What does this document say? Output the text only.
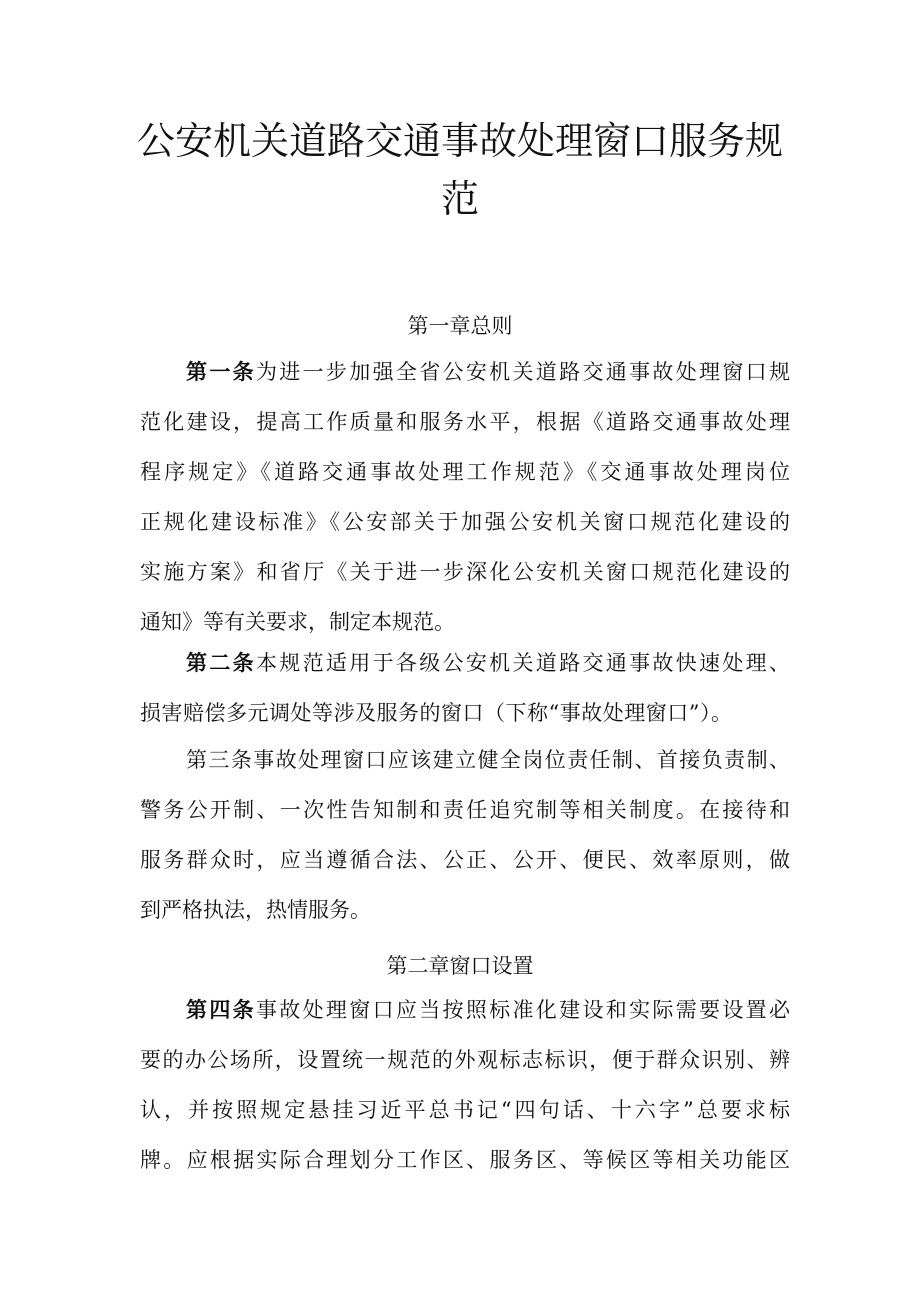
公安机关道路交通事故处理窗口服务规
范
第一章总则
第一条为进一步加强全省公安机关道路交通事故处理窗口规
范化建设，提高工作质量和服务水平，根据《道路交通事故处理
程序规定》《道路交通事故处理工作规范》《交通事故处理岗位
正规化建设标准》《公安部关于加强公安机关窗口规范化建设的
实施方案》和省厅《关于进一步深化公安机关窗口规范化建设的
通知》等有关要求，制定本规范。
第二条本规范适用于各级公安机关道路交通事故快速处理、
损害赔偿多元调处等涉及服务的窗口（下称“事故处理窗口”）。
第三条事故处理窗口应该建立健全岗位责任制、首接负责制、
警务公开制、一次性告知制和责任追究制等相关制度。在接待和
服务群众时，应当遵循合法、公正、公开、便民、效率原则，做
到严格执法，热情服务。
第二章窗口设置
第四条事故处理窗口应当按照标准化建设和实际需要设置必
要的办公场所，设置统一规范的外观标志标识，便于群众识别、辨
认，并按照规定悬挂习近平总书记“四句话、十六字”总要求标
牌。应根据实际合理划分工作区、服务区、等候区等相关功能区
